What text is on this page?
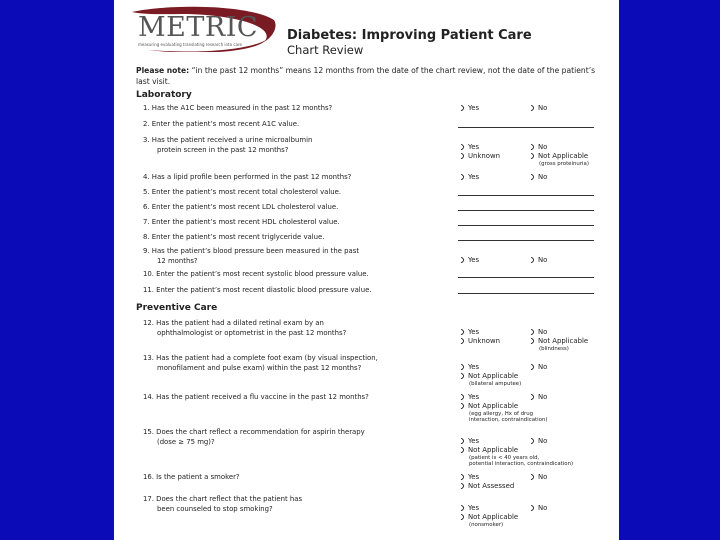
METRIC
measuring evaluating translating research into care
Diabetes: Improving Patient Care
Chart Review
Please note: “in the past 12 months” means 12 months from the date of the chart review, not the date of the patient’s last visit.
Laboratory
1. Has the A1C been measured in the past 12 months?	Yes	No
2. Enter the patient’s most recent A1C value.
3. Has the patient received a urine microalbumin
protein screen in the past 12 months?	Yes	No
Unknown	Not Applicable
(gross proteinuria)
4. Has a lipid profile been performed in the past 12 months?	Yes	No
5. Enter the patient’s most recent total cholesterol value.
6. Enter the patient’s most recent LDL cholesterol value.
7. Enter the patient’s most recent HDL cholesterol value.
8. Enter the patient’s most recent triglyceride value.
9. Has the patient’s blood pressure been measured in the past
12 months?	Yes	No
10. Enter the patient’s most recent systolic blood pressure value.
11. Enter the patient’s most recent diastolic blood pressure value.
Preventive Care
12. Has the patient had a dilated retinal exam by an
ophthalmologist or optometrist in the past 12 months?	Yes	No
Unknown	Not Applicable
(blindness)
13. Has the patient had a complete foot exam (by visual inspection,
monofilament and pulse exam) within the past 12 months?	Yes	No
Not Applicable
(bilateral amputee)
14. Has the patient received a flu vaccine in the past 12 months?	Yes	No
Not Applicable
(egg allergy, Hx of drug
interaction, contraindication)
15. Does the chart reflect a recommendation for aspirin therapy
(dose ≥ 75 mg)?	Yes	No
Not Applicable
(patient is < 40 years old,
potential interaction, contraindication)
16. Is the patient a smoker?	Yes	No
Not Assessed
17. Does the chart reflect that the patient has
been counseled to stop smoking?	Yes	No
Not Applicable
(nonsmoker)
